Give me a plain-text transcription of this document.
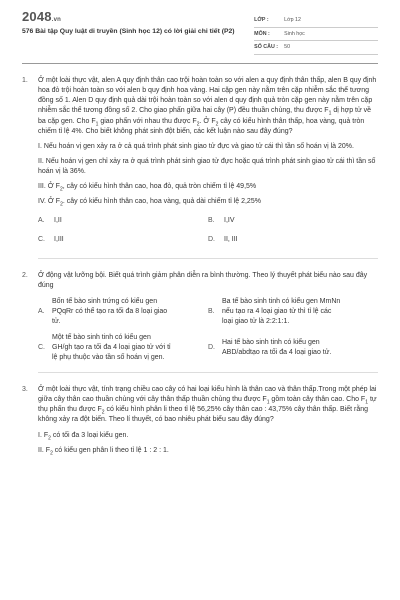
2048.vn
576 Bài tập Quy luật di truyền (Sinh học 12) có lời giải chi tiết (P2)
LỚP :	Lớp 12
MÔN :	Sinh học
SỐ CÂU :	50
1.	Ở một loài thực vật, alen A quy định thân cao trội hoàn toàn so với alen a quy định thân thấp, alen B quy định hoa đỏ trội hoàn toàn so với alen b quy định hoa vàng. Hai cặp gen này nằm trên cặp nhiễm sắc thể tương đồng số 1. Alen D quy định quả dài trội hoàn toàn so với alen d quy định quả tròn cặp gen này nằm trên cặp nhiễm sắc thể tương đồng số 2. Cho giao phấn giữa hai cây (P) đều thuần chủng, thu được $F_1$ dị hợp tử về ba cặp gen. Cho $F_1$ giao phấn với nhau thu được $F_2$. Ở $F_2$ cây có kiểu hình thân thấp, hoa vàng, quả tròn chiếm tỉ lệ 4%. Cho biết không phát sinh đột biến, các kết luận nào sau đây đúng?
I. Nếu hoán vị gen xảy ra ở cả quá trình phát sinh giao tử đực và giao tử cái thì tần số hoán vị là 20%.
II. Nếu hoán vị gen chỉ xảy ra ở quá trình phát sinh giao tử đực hoặc quá trình phát sinh giao tử cái thì tần số hoán vị là 36%.
III. Ở $F_2$, cây có kiểu hình thân cao, hoa đỏ, quả tròn chiếm tỉ lệ 49,5%
IV. Ở $F_2$. cây có kiểu hình thân cao, hoa vàng, quả dài chiếm tỉ lệ 2,25%
A.	I,II	B.	I,IV
C.	I,III	D.	II, III
2.	Ở động vật lưỡng bội. Biết quá trình giảm phân diễn ra bình thường. Theo lý thuyết phát biểu nào sau đây đúng
A.
Bốn tế bào sinh trứng có kiểu gen PQqRr có thể tạo ra tối đa 8 loại giao tử.
B.
Ba tế bào sinh tinh có kiểu gen MmNn nếu tạo ra 4 loại giao tử thì tỉ lệ các loại giao tử là 2:2:1:1.
C.
Một tế bào sinh tinh có kiểu gen GH/gh tạo ra tối đa 4 loại giao tử với tỉ lệ phụ thuộc vào tần số hoán vị gen.
D.
Hai tế bào sinh tinh có kiểu gen ABD/abdtạo ra tối đa 4 loại giao tử.
3.	Ở một loài thực vật, tính trạng chiều cao cây có hai loại kiểu hình là thân cao và thân thấp.Trong một phép lai giữa cây thân cao thuần chủng với cây thân thấp thuần chủng thu được $F_1$ gồm toàn cây thân cao. Cho $F_1$ tự thụ phấn thu được $F_2$ có kiểu hình phân li theo tỉ lệ 56,25% cây thân cao : 43,75% cây thân thấp. Biết rằng không xảy ra đột biến. Theo lí thuyết, có bao nhiêu phát biểu sau đây đúng?
I. $F_2$ có tối đa 3 loại kiểu gen.
II. $F_2$ có kiểu gen phân li theo tỉ lệ 1 : 2 : 1.
